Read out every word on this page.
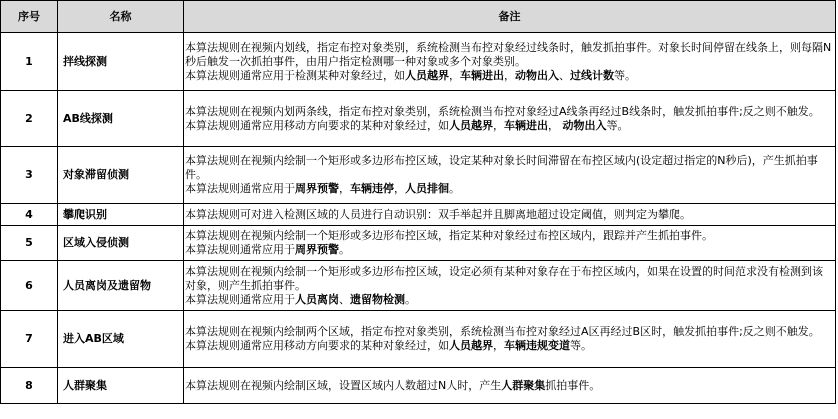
序号	名称	备注
1	拌线探测	本算法规则在视频内划线，指定布控对象类别，系统检测当布控对象经过线条时，触发抓拍事件。对象长时间停留在线条上，则每隔N秒后触发一次抓拍事件，由用户指定检测哪一种对象或多个对象类别。
本算法规则通常应用于检测某种对象经过，如人员越界，车辆进出，动物出入、过线计数等。

2	AB线探测	本算法规则在视频内划两条线，指定布控对象类别，系统检测当布控对象经过A线条再经过B线条时，触发抓拍事件;反之则不触发。
本算法规则通常应用移动方向要求的某种对象经过，如人员越界，车辆进出， 动物出入等。

3	对象滞留侦测	本算法规则在视频内绘制一个矩形或多边形布控区域，设定某种对象长时间滞留在布控区域内(设定超过指定的N秒后)，产生抓拍事件。
本算法规则通常应用于周界预警，车辆违停，人员排徊。

4	攀爬识别	本算法规则可对进入检测区域的人员进行自动识别：双手举起并且脚离地超过设定阈值，则判定为攀爬。

5	区域入侵侦测	本算法规则在视频内绘制一个矩形或多边形布控区域，指定某种对象经过布控区域内，跟踪并产生抓拍事件。
本算法规则通常应用于周界预警。

6	人员离岗及遗留物	本算法规则在视频内绘制一个矩形或多边形布控区域，设定必须有某种对象存在于布控区域内，如果在设置的时间范求没有检测到该对象，则产生抓拍事件。
本算法规则通常应用于人员离岗、遗留物检测。

7	进入AB区域	本算法规则在视频内绘制两个区域，指定布控对象类别，系统检测当布控对象经过A区再经过B区时，触发抓拍事件;反之则不触发。
本算法规则通常应用移动方向要求的某种对象经过，如人员越界，车辆违规变道等。

8	人群聚集	本算法规则在视频内绘制区域，设置区域内人数超过N人时，产生人群聚集抓拍事件。
